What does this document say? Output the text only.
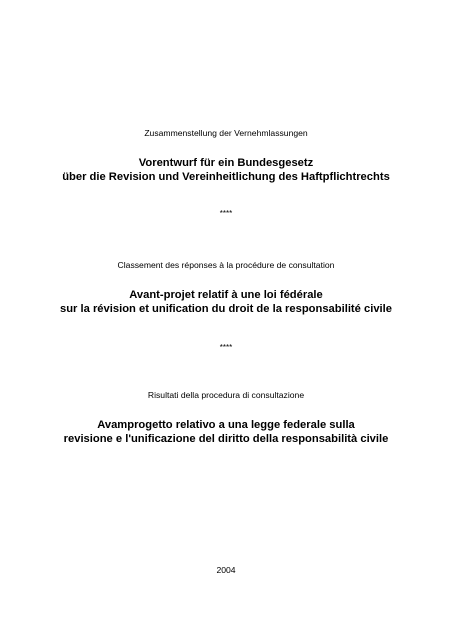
Zusammenstellung der Vernehmlassungen
Vorentwurf für ein Bundesgesetz
über die Revision und Vereinheitlichung des Haftpflichtrechts
****
Classement des réponses à la procédure de consultation
Avant-projet relatif à une loi fédérale
sur la révision et unification du droit de la responsabilité civile
****
Risultati della procedura di consultazione
Avamprogetto relativo a una legge federale sulla
revisione e l'unificazione del diritto della responsabilità civile
2004
